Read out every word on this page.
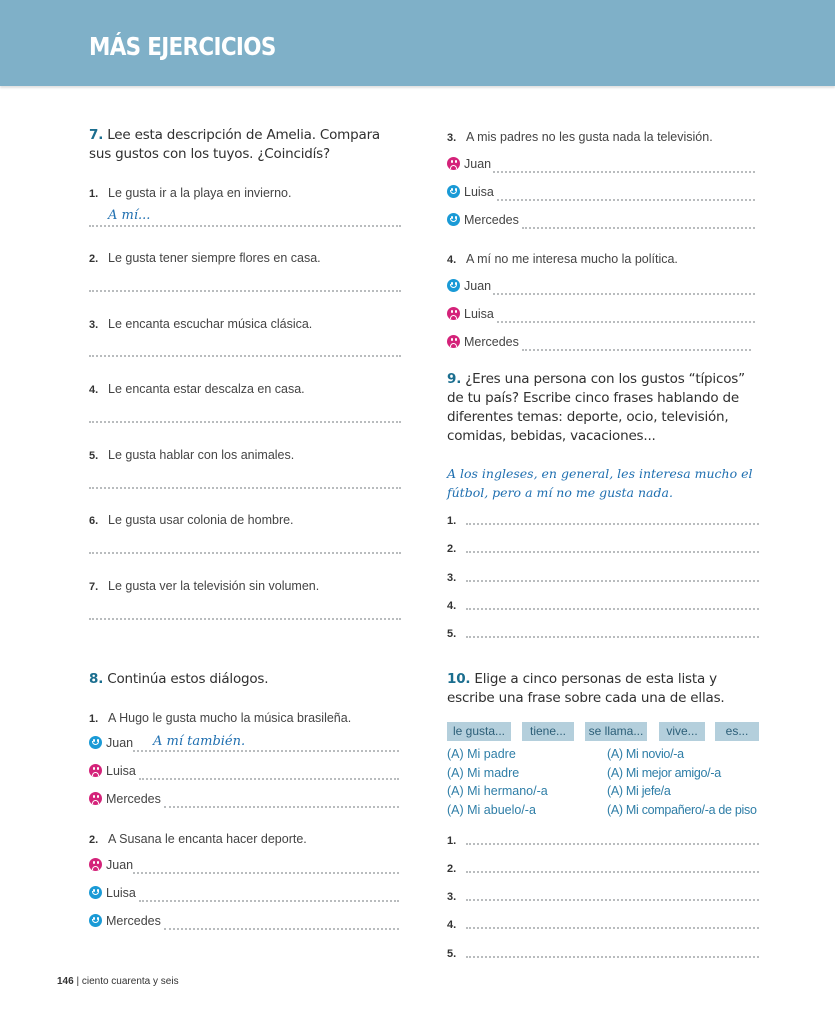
MÁS EJERCICIOS
7. Lee esta descripción de Amelia. Compara sus gustos con los tuyos. ¿Coincidís?
1. Le gusta ir a la playa en invierno.
A mí...
2. Le gusta tener siempre flores en casa.
3. Le encanta escuchar música clásica.
4. Le encanta estar descalza en casa.
5. Le gusta hablar con los animales.
6. Le gusta usar colonia de hombre.
7. Le gusta ver la televisión sin volumen.
8. Continúa estos diálogos.
1. A Hugo le gusta mucho la música brasileña.
Juan A mí también.
Luisa
Mercedes
2. A Susana le encanta hacer deporte.
Juan
Luisa
Mercedes
3. A mis padres no les gusta nada la televisión.
Juan
Luisa
Mercedes
4. A mí no me interesa mucho la política.
Juan
Luisa
Mercedes
9. ¿Eres una persona con los gustos “típicos” de tu país? Escribe cinco frases hablando de diferentes temas: deporte, ocio, televisión, comidas, bebidas, vacaciones...
A los ingleses, en general, les interesa mucho el fútbol, pero a mí no me gusta nada.
1.
2.
3.
4.
5.
10. Elige a cinco personas de esta lista y escribe una frase sobre cada una de ellas.
le gusta...	tiene...	se llama...	vive...	es...
(A) Mi padre
(A) Mi madre
(A) Mi hermano/-a
(A) Mi abuelo/-a
(A) Mi novio/-a
(A) Mi mejor amigo/-a
(A) Mi jefe/a
(A) Mi compañero/-a de piso
1.
2.
3.
4.
5.
146 | ciento cuarenta y seis
